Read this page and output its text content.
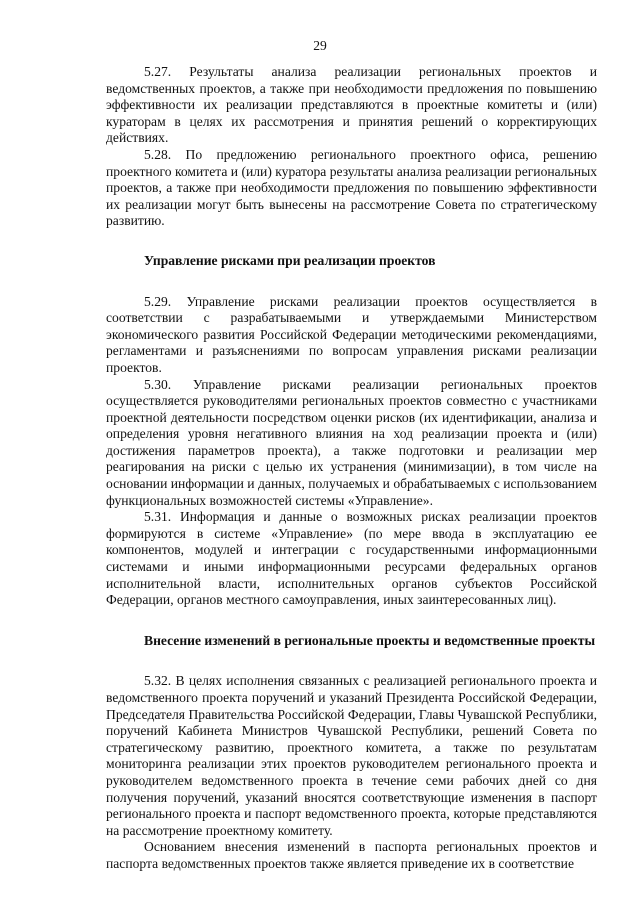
29

5.27. Результаты анализа реализации региональных проектов и ведомственных проектов, а также при необходимости предложения по повышению эффективности их реализации представляются в проектные комитеты и (или) кураторам в целях их рассмотрения и принятия решений о корректирующих действиях.

5.28. По предложению регионального проектного офиса, решению проектного комитета и (или) куратора результаты анализа реализации региональных проектов, а также при необходимости предложения по повышению эффективности их реализации могут быть вынесены на рассмотрение Совета по стратегическому развитию.

Управление рисками при реализации проектов

5.29. Управление рисками реализации проектов осуществляется в соответствии с разрабатываемыми и утверждаемыми Министерством экономического развития Российской Федерации методическими рекомендациями, регламентами и разъяснениями по вопросам управления рисками реализации проектов.

5.30. Управление рисками реализации региональных проектов осуществляется руководителями региональных проектов совместно с участниками проектной деятельности посредством оценки рисков (их идентификации, анализа и определения уровня негативного влияния на ход реализации проекта и (или) достижения параметров проекта), а также подготовки и реализации мер реагирования на риски с целью их устранения (минимизации), в том числе на основании информации и данных, получаемых и обрабатываемых с использованием функциональных возможностей системы «Управление».

5.31. Информация и данные о возможных рисках реализации проектов формируются в системе «Управление» (по мере ввода в эксплуатацию ее компонентов, модулей и интеграции с государственными информационными системами и иными информационными ресурсами федеральных органов исполнительной власти, исполнительных органов субъектов Российской Федерации, органов местного самоуправления, иных заинтересованных лиц).

Внесение изменений в региональные проекты и ведомственные проекты

5.32. В целях исполнения связанных с реализацией регионального проекта и ведомственного проекта поручений и указаний Президента Российской Федерации, Председателя Правительства Российской Федерации, Главы Чувашской Республики, поручений Кабинета Министров Чувашской Республики, решений Совета по стратегическому развитию, проектного комитета, а также по результатам мониторинга реализации этих проектов руководителем регионального проекта и руководителем ведомственного проекта в течение семи рабочих дней со дня получения поручений, указаний вносятся соответствующие изменения в паспорт регионального проекта и паспорт ведомственного проекта, которые представляются на рассмотрение проектному комитету.

Основанием внесения изменений в паспорта региональных проектов и паспорта ведомственных проектов также является приведение их в соответствие
